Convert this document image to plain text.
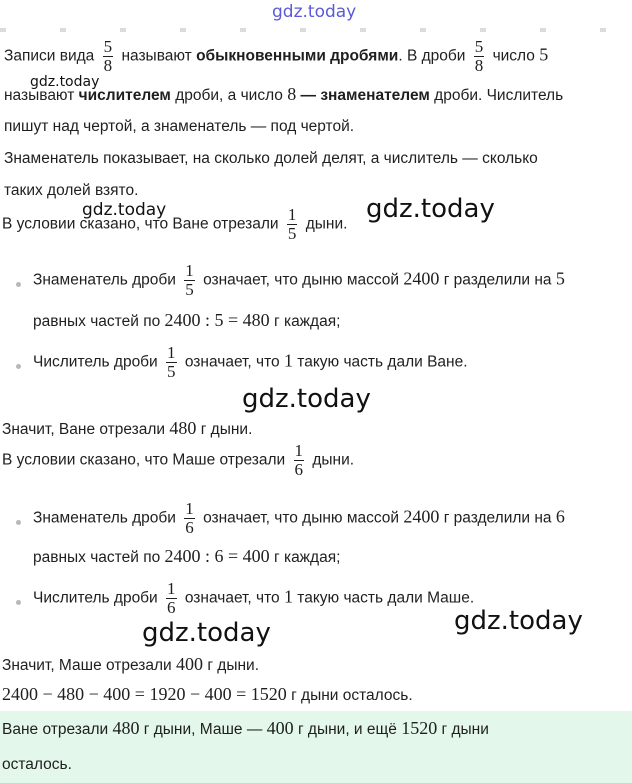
gdz.today
Записи вида $\frac{5}{8}$ называют обыкновенными дробями. В дроби $\frac{5}{8}$ число 5
gdz.today
называют числителем дроби, а число 8 — знаменателем дроби. Числитель
пишут над чертой, а знаменатель — под чертой.
Знаменатель показывает, на сколько долей делят, а числитель — сколько
таких долей взято.
gdz.today	gdz.today
В условии сказано, что Ване отрезали $\frac{1}{5}$ дыни.
Знаменатель дроби $\frac{1}{5}$ означает, что дыню массой 2400 г разделили на 5
равных частей по 2400 : 5 = 480 г каждая;
Числитель дроби $\frac{1}{5}$ означает, что 1 такую часть дали Ване.
gdz.today
Значит, Ване отрезали 480 г дыни.
В условии сказано, что Маше отрезали $\frac{1}{6}$ дыни.
Знаменатель дроби $\frac{1}{6}$ означает, что дыню массой 2400 г разделили на 6
равных частей по 2400 : 6 = 400 г каждая;
Числитель дроби $\frac{1}{6}$ означает, что 1 такую часть дали Маше.
gdz.today	gdz.today
Значит, Маше отрезали 400 г дыни.
2400 − 480 − 400 = 1920 − 400 = 1520 г дыни осталось.
Ване отрезали 480 г дыни, Маше — 400 г дыни, и ещё 1520 г дыни
осталось.
